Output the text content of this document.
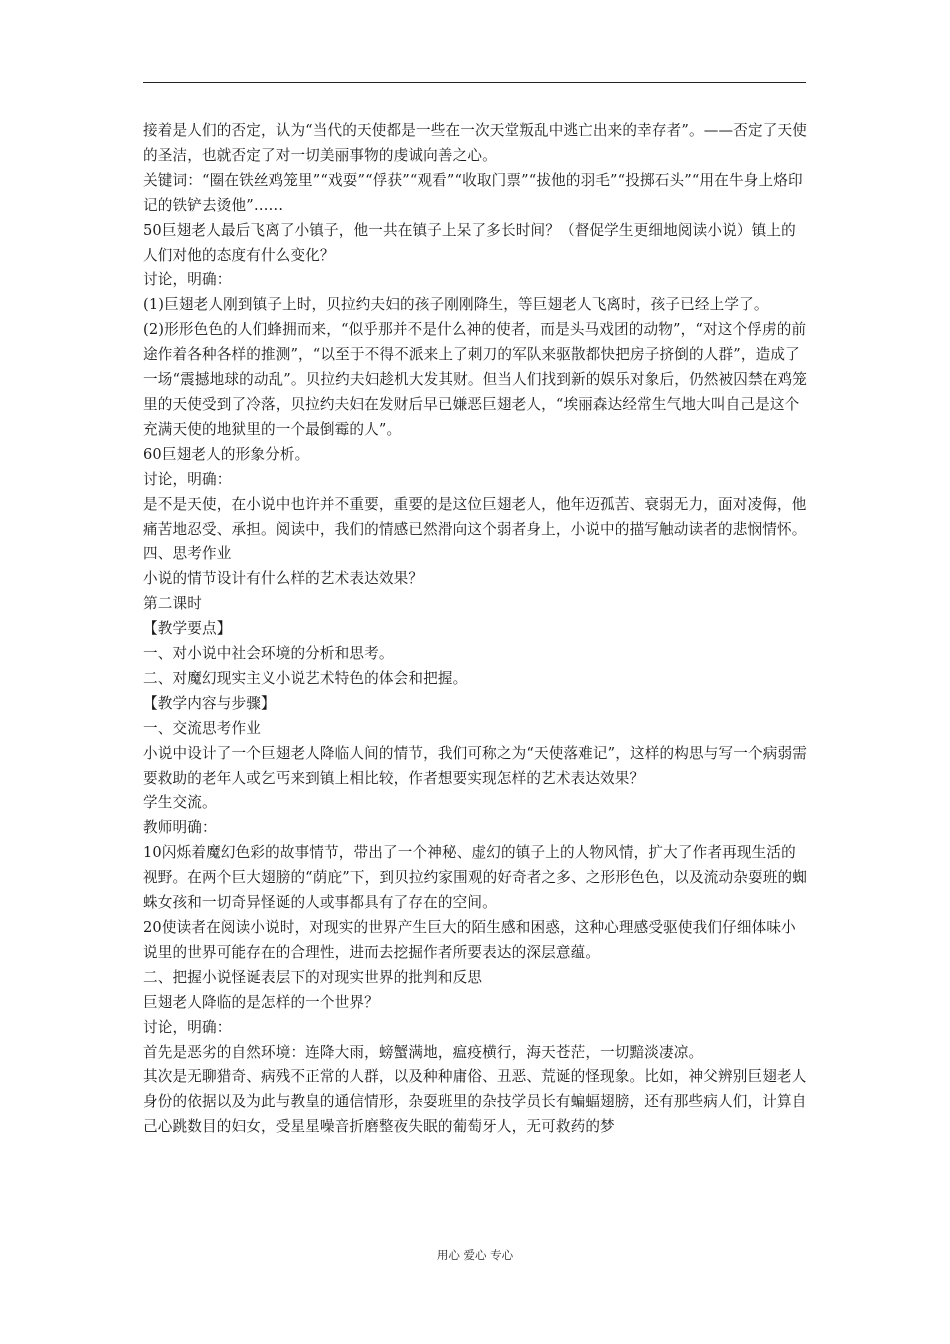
接着是人们的否定，认为“当代的天使都是一些在一次天堂叛乱中逃亡出来的幸存者”。——否定了天使的圣洁，也就否定了对一切美丽事物的虔诚向善之心。

关键词：“圈在铁丝鸡笼里”“戏耍”“俘获”“观看”“收取门票”“拔他的羽毛”“投掷石头”“用在牛身上烙印记的铁铲去烫他”……

50巨翅老人最后飞离了小镇子，他一共在镇子上呆了多长时间？（督促学生更细地阅读小说）镇上的人们对他的态度有什么变化？

讨论，明确：

(1)巨翅老人刚到镇子上时，贝拉约夫妇的孩子刚刚降生，等巨翅老人飞离时，孩子已经上学了。

(2)形形色色的人们蜂拥而来，“似乎那并不是什么神的使者，而是头马戏团的动物”，“对这个俘虏的前途作着各种各样的推测”，“以至于不得不派来上了刺刀的军队来驱散都快把房子挤倒的人群”，造成了一场“震撼地球的动乱”。贝拉约夫妇趁机大发其财。但当人们找到新的娱乐对象后，仍然被囚禁在鸡笼里的天使受到了冷落，贝拉约夫妇在发财后早已嫌恶巨翅老人，“埃丽森达经常生气地大叫自己是这个充满天使的地狱里的一个最倒霉的人”。

60巨翅老人的形象分析。

讨论，明确：

是不是天使，在小说中也许并不重要，重要的是这位巨翅老人，他年迈孤苦、衰弱无力，面对凌侮，他痛苦地忍受、承担。阅读中，我们的情感已然滑向这个弱者身上，小说中的描写触动读者的悲悯情怀。

四、思考作业

小说的情节设计有什么样的艺术表达效果？

第二课时

【教学要点】

一、对小说中社会环境的分析和思考。

二、对魔幻现实主义小说艺术特色的体会和把握。

【教学内容与步骤】

一、交流思考作业

小说中设计了一个巨翅老人降临人间的情节，我们可称之为“天使落难记”，这样的构思与写一个病弱需要救助的老年人或乞丐来到镇上相比较，作者想要实现怎样的艺术表达效果？

学生交流。

教师明确：

10闪烁着魔幻色彩的故事情节，带出了一个神秘、虚幻的镇子上的人物风情，扩大了作者再现生活的视野。在两个巨大翅膀的“荫庇”下，到贝拉约家围观的好奇者之多、之形形色色，以及流动杂耍班的蜘蛛女孩和一切奇异怪诞的人或事都具有了存在的空间。

20使读者在阅读小说时，对现实的世界产生巨大的陌生感和困惑，这种心理感受驱使我们仔细体味小说里的世界可能存在的合理性，进而去挖掘作者所要表达的深层意蕴。

二、把握小说怪诞表层下的对现实世界的批判和反思

巨翅老人降临的是怎样的一个世界？

讨论，明确：

首先是恶劣的自然环境：连降大雨，螃蟹满地，瘟疫横行，海天苍茫，一切黯淡凄凉。

其次是无聊猎奇、病残不正常的人群，以及种种庸俗、丑恶、荒诞的怪现象。比如，神父辨别巨翅老人身份的依据以及为此与教皇的通信情形，杂耍班里的杂技学员长有蝙蝠翅膀，还有那些病人们，计算自己心跳数目的妇女，受星星噪音折磨整夜失眠的葡萄牙人，无可救药的梦

用心 爱心 专心
